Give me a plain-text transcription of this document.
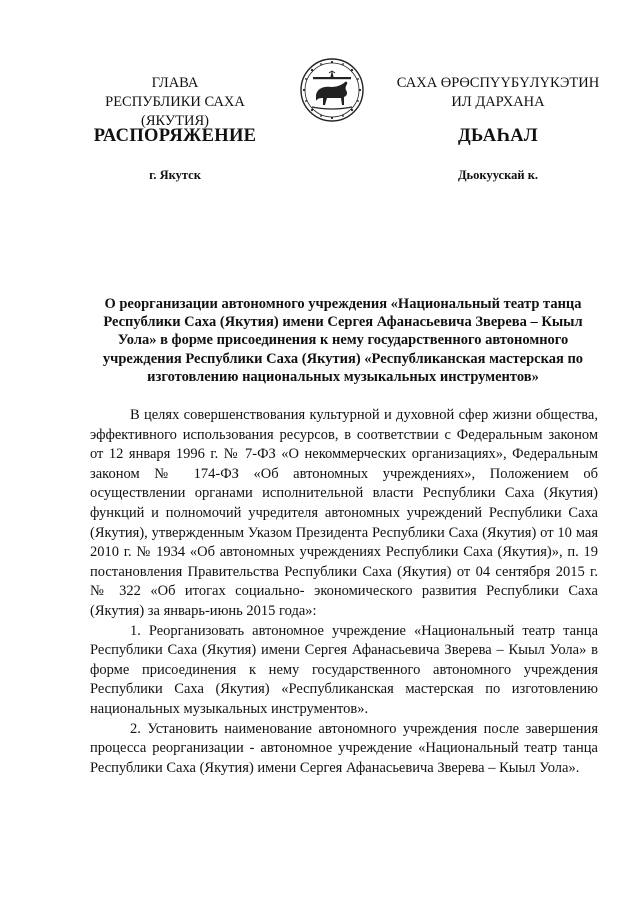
ГЛАВА
РЕСПУБЛИКИ САХА (ЯКУТИЯ)
САХА ӨРӨСПҮҮБҮЛҮКЭТИН
ИЛ ДАРХАНА
РАСПОРЯЖЕНИЕ	ДЬАҺАЛ
г. Якутск	Дьокуускай к.
О реорганизации автономного учреждения «Национальный театр танца Республики Саха (Якутия) имени Сергея Афанасьевича Зверева – Кыыл Уола» в форме присоединения к нему государственного автономного учреждения Республики Саха (Якутия) «Республиканская мастерская по изготовлению национальных музыкальных инструментов»

В целях совершенствования культурной и духовной сфер жизни общества, эффективного использования ресурсов, в соответствии с Федеральным законом от 12 января 1996 г. № 7-ФЗ «О некоммерческих организациях», Федеральным законом № 174-ФЗ «Об автономных учреждениях», Положением об осуществлении органами исполнительной власти Республики Саха (Якутия) функций и полномочий учредителя автономных учреждений Республики Саха (Якутия), утвержденным Указом Президента Республики Саха (Якутия) от 10 мая 2010 г. № 1934 «Об автономных учреждениях Республики Саха (Якутия)», п. 19 постановления Правительства Республики Саха (Якутия) от 04 сентября 2015 г. № 322 «Об итогах социально- экономического развития Республики Саха (Якутия) за январь-июнь 2015 года»:

1. Реорганизовать автономное учреждение «Национальный театр танца Республики Саха (Якутия) имени Сергея Афанасьевича Зверева – Кыыл Уола» в форме присоединения к нему государственного автономного учреждения Республики Саха (Якутия) «Республиканская мастерская по изготовлению национальных музыкальных инструментов».

2. Установить наименование автономного учреждения после завершения процесса реорганизации - автономное учреждение «Национальный театр танца Республики Саха (Якутия) имени Сергея Афанасьевича Зверева – Кыыл Уола».
